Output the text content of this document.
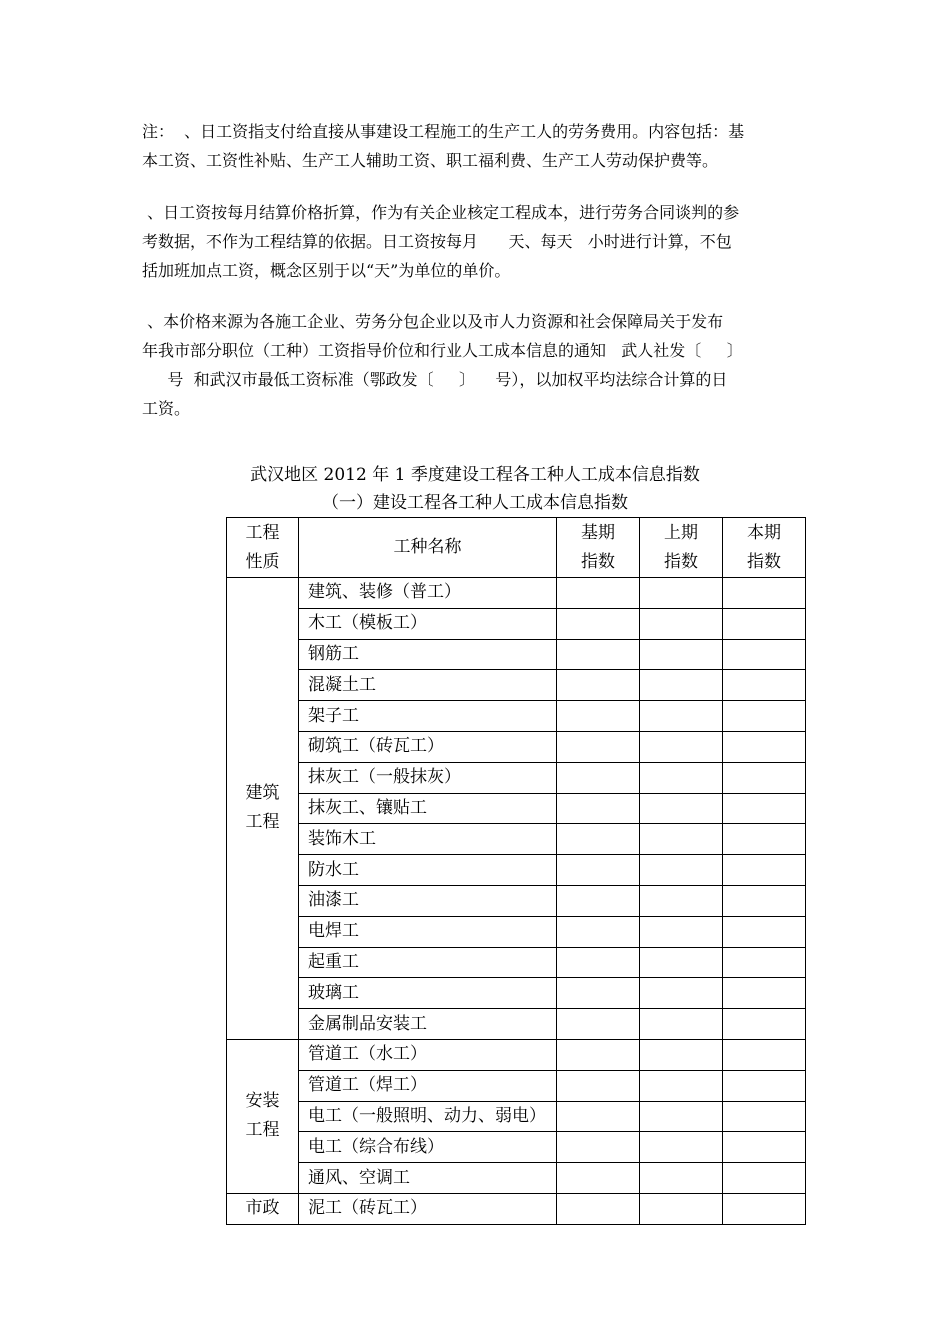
注：  、日工资指支付给直接从事建设工程施工的生产工人的劳务费用。内容包括：基
本工资、工资性补贴、生产工人辅助工资、职工福利费、生产工人劳动保护费等。
、日工资按每月结算价格折算，作为有关企业核定工程成本，进行劳务合同谈判的参
考数据，不作为工程结算的依据。日工资按每月      天、每天   小时进行计算，不包
括加班加点工资，概念区别于以“天”为单位的单价。
、本价格来源为各施工企业、劳务分包企业以及市人力资源和社会保障局关于发布
年我市部分职位（工种）工资指导价位和行业人工成本信息的通知   武人社发〔     〕
号  和武汉市最低工资标准（鄂政发〔     〕    号），以加权平均法综合计算的日
工资。

武汉地区 2012 年 1 季度建设工程各工种人工成本信息指数

（一）建设工程各工种人工成本信息指数

工程
性质	工种名称	基期
指数	上期
指数	本期
指数

建筑
工程	建筑、装修（普工）			
	木工（模板工）			
	钢筋工			
	混凝土工			
	架子工			
	砌筑工（砖瓦工）			
	抹灰工（一般抹灰）			
	抹灰工、镶贴工			
	装饰木工			
	防水工			
	油漆工			
	电焊工			
	起重工			
	玻璃工			
	金属制品安装工			

安装
工程	管道工（水工）			
	管道工（焊工）			
	电工（一般照明、动力、弱电）			
	电工（综合布线）			
	通风、空调工			

市政	泥工（砖瓦工）			
